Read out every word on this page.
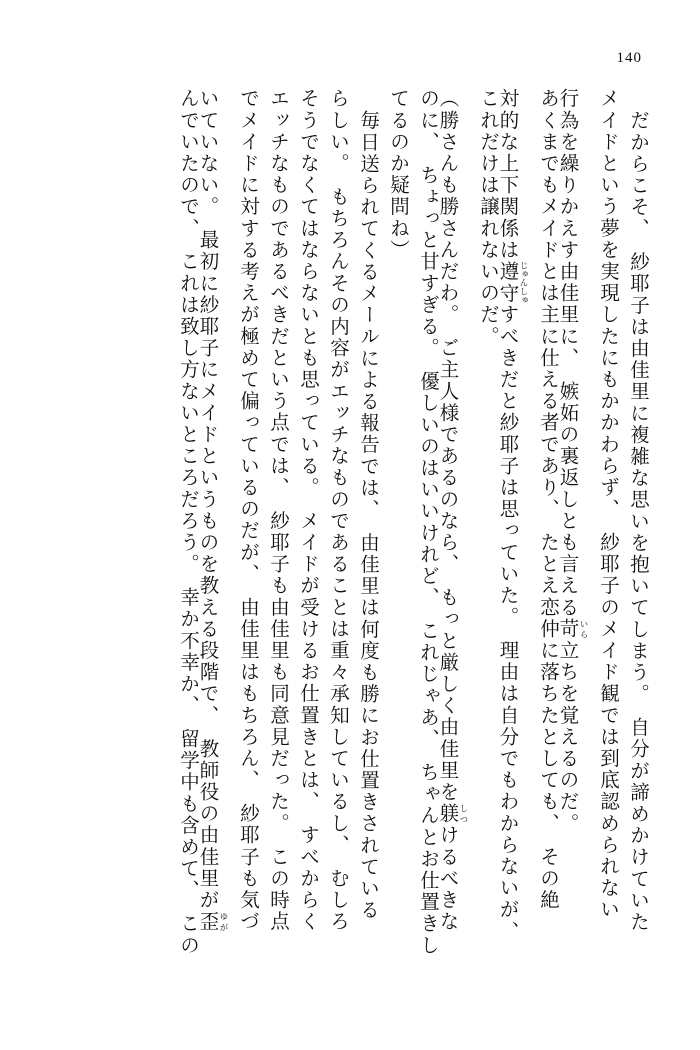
140
だからこそ、　紗耶子は由佳里に複雑な思いを抱いてしまう。　自分が諦めかけていた
メイドという夢を実現したにもかかわらず、　紗耶子のメイド観では到底認められない
行為を繰りかえす由佳里に、　嫉妬の裏返しとも言える苛いら立ちを覚えるのだ。
あくまでもメイドとは主に仕える者であり、　たとえ恋仲に落ちたとしても、　その絶
対的な上下関係は遵守じゅんしゅすべきだと紗耶子は思っていた。　理由は自分でもわからないが、
これだけは譲れないのだ。
（勝さんも勝さんだわ。　ご主人様であるのなら、　もっと厳しく由佳里を躾しつけるべきな
のに、　ちょっと甘すぎる。　優しいのはいいけれど、　これじゃあ、　ちゃんとお仕置きし
てるのか疑問ね）
毎日送られてくるメールによる報告では、　由佳里は何度も勝にお仕置きされている
らしい。　もちろんその内容がエッチなものであることは重々承知しているし、　むしろ
そうでなくてはならないとも思っている。　メイドが受けるお仕置きとは、　すべからく
エッチなものであるべきだという点では、　紗耶子も由佳里も同意見だった。　この時点
でメイドに対する考えが極めて偏っているのだが、　由佳里はもちろん、　紗耶子も気づ
いていない。　最初に紗耶子にメイドというものを教える段階で、　教師役の由佳里が歪ゆが
んでいたので、　これは致し方ないところだろう。　幸か不幸か、　留学中も含めて、　この
